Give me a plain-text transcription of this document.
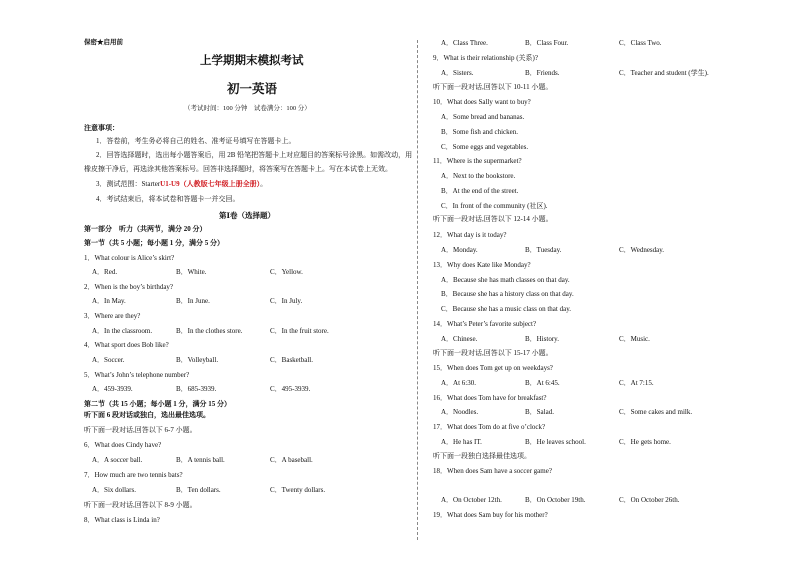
保密★启用前
上学期期末模拟考试
初一英语
（考试时间：100 分钟　试卷满分：100 分）
注意事项：
1．答卷前，考生务必将自己的姓名、准考证号填写在答题卡上。
2．回答选择题时，选出每小题答案后，用 2B 铅笔把答题卡上对应题目的答案标号涂黑。如需改动，用
橡皮擦干净后，再选涂其他答案标号。回答非选择题时，将答案写在答题卡上。写在本试卷上无效。
3．测试范围：StarterU1-U9（人教版七年级上册全册）。
4．考试结束后，将本试卷和答题卡一并交回。
第Ⅰ卷（选择题）
第一部分　听力（共两节，满分 20 分）
第一节（共 5 小题；每小题 1 分，满分 5 分）
1．What colour is Alice’s skirt?
A．Red.	B．White.	C．Yellow.
2．When is the boy’s birthday?
A．In May.	B．In June.	C．In July.
3．Where are they?
A．In the classroom.	B．In the clothes store.	C．In the fruit store.
4．What sport does Bob like?
A．Soccer.	B．Volleyball.	C．Basketball.
5．What’s John’s telephone number?
A．459-3939.	B．685-3939.	C．495-3939.
第二节（共 15 小题；每小题 1 分，满分 15 分）
听下面 6 段对话或独白，选出最佳选项。
听下面一段对话,回答以下 6-7 小题。
6．What does Cindy have?
A．A soccer ball.	B．A tennis ball.	C．A baseball.
7．How much are two tennis bats?
A．Six dollars.	B．Ten dollars.	C．Twenty dollars.
听下面一段对话,回答以下 8-9 小题。
8．What class is Linda in?
A．Class Three.	B．Class Four.	C．Class Two.
9．What is their relationship (关系)?
A．Sisters.	B．Friends.	C．Teacher and student (学生).
听下面一段对话,回答以下 10-11 小题。
10．What does Sally want to buy?
A．Some bread and bananas.
B．Some fish and chicken.
C．Some eggs and vegetables.
11．Where is the supermarket?
A．Next to the bookstore.
B．At the end of the street.
C．In front of the community (社区).
听下面一段对话,回答以下 12-14 小题。
12．What day is it today?
A．Monday.	B．Tuesday.	C．Wednesday.
13．Why does Kate like Monday?
A．Because she has math classes on that day.
B．Because she has a history class on that day.
C．Because she has a music class on that day.
14．What’s Peter’s favorite subject?
A．Chinese.	B．History.	C．Music.
听下面一段对话,回答以下 15-17 小题。
15．When does Tom get up on weekdays?
A．At 6:30.	B．At 6:45.	C．At 7:15.
16．What does Tom have for breakfast?
A．Noodles.	B．Salad.	C．Some cakes and milk.
17．What does Tom do at five o’clock?
A．He has IT.	B．He leaves school.	C．He gets home.
听下面一段独白选择最佳选项。
18．When does Sam have a soccer game?
A．On October 12th.	B．On October 19th.	C．On October 26th.
19．What does Sam buy for his mother?
